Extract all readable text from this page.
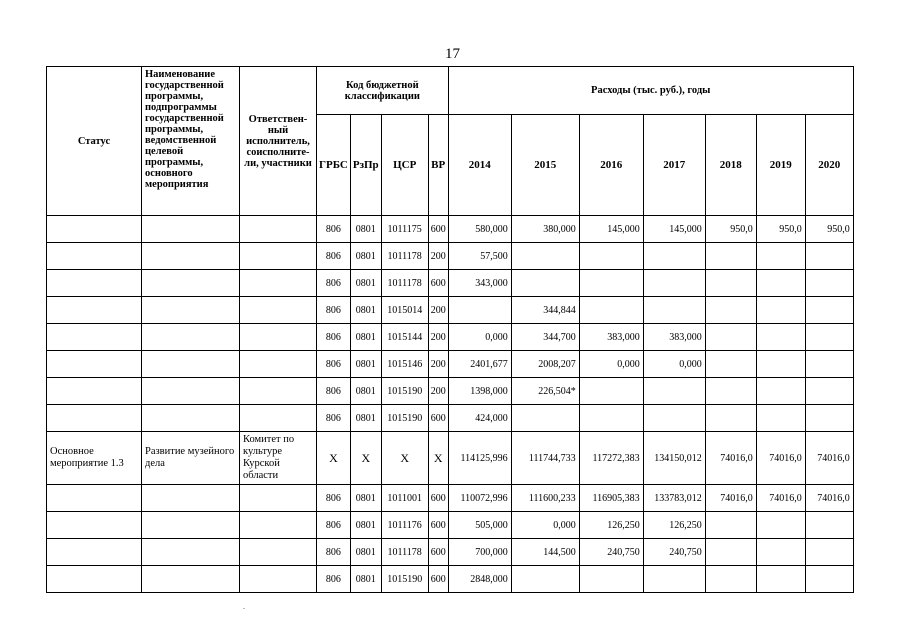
17
Статус	Наименование государственной программы, подпрограммы государственной программы, ведомственной целевой программы, основного мероприятия	Ответствен-ный исполнитель, соисполните-ли, участники	Код бюджетной классификации				Расходы (тыс. руб.), годы						
			ГРБС	РзПр	ЦСР	ВР	2014	2015	2016	2017	2018	2019	2020
			806	0801	1011175	600	580,000	380,000	145,000	145,000	950,0	950,0	950,0
			806	0801	1011178	200	57,500						
			806	0801	1011178	600	343,000						
			806	0801	1015014	200		344,844					
			806	0801	1015144	200	0,000	344,700	383,000	383,000			
			806	0801	1015146	200	2401,677	2008,207	0,000	0,000			
			806	0801	1015190	200	1398,000	226,504*					
			806	0801	1015190	600	424,000						
Основное мероприятие 1.3	Развитие музейного дела	Комитет по культуре Курской области	X	X	X	X	114125,996	111744,733	117272,383	134150,012	74016,0	74016,0	74016,0
			806	0801	1011001	600	110072,996	111600,233	116905,383	133783,012	74016,0	74016,0	74016,0
			806	0801	1011176	600	505,000	0,000	126,250	126,250			
			806	0801	1011178	600	700,000	144,500	240,750	240,750			
			806	0801	1015190	600	2848,000						
